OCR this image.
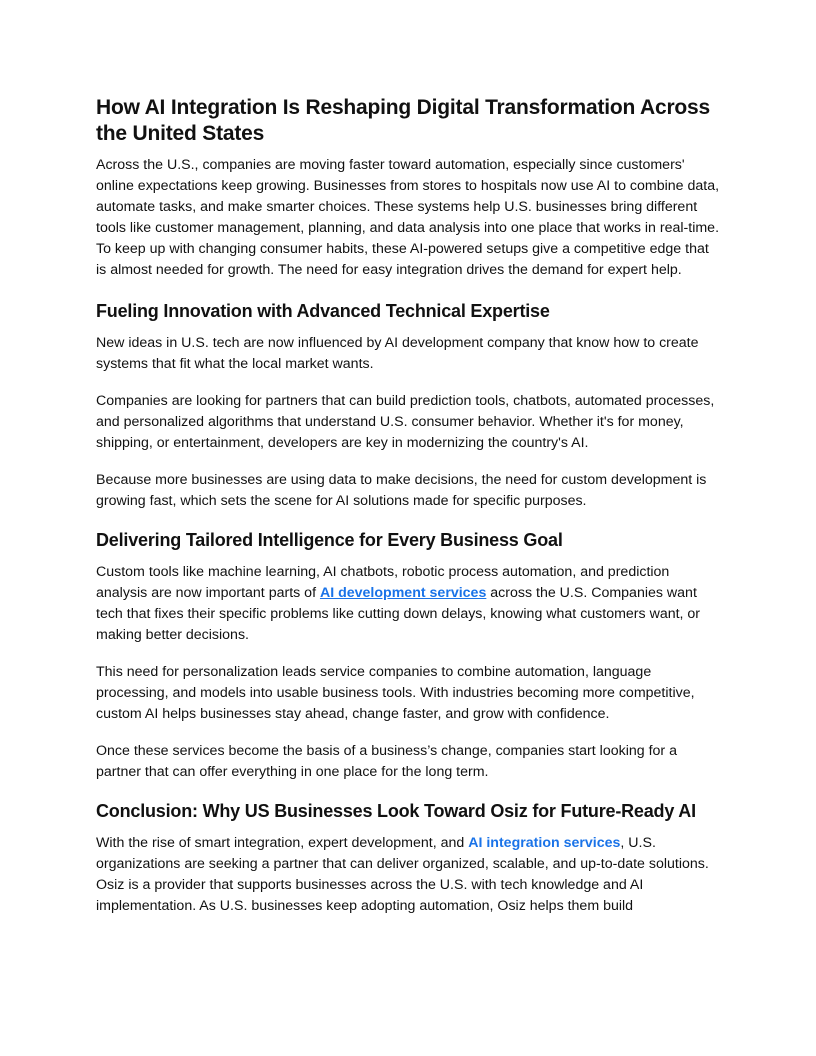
How AI Integration Is Reshaping Digital Transformation Across the United States

Across the U.S., companies are moving faster toward automation, especially since customers' online expectations keep growing. Businesses from stores to hospitals now use AI to combine data, automate tasks, and make smarter choices. These systems help U.S. businesses bring different tools like customer management, planning, and data analysis into one place that works in real-time. To keep up with changing consumer habits, these AI-powered setups give a competitive edge that is almost needed for growth. The need for easy integration drives the demand for expert help.

Fueling Innovation with Advanced Technical Expertise

New ideas in U.S. tech are now influenced by AI development company that know how to create systems that fit what the local market wants.

Companies are looking for partners that can build prediction tools, chatbots, automated processes, and personalized algorithms that understand U.S. consumer behavior. Whether it's for money, shipping, or entertainment, developers are key in modernizing the country's AI.

Because more businesses are using data to make decisions, the need for custom development is growing fast, which sets the scene for AI solutions made for specific purposes.

Delivering Tailored Intelligence for Every Business Goal

Custom tools like machine learning, AI chatbots, robotic process automation, and prediction analysis are now important parts of AI development services across the U.S. Companies want tech that fixes their specific problems like cutting down delays, knowing what customers want, or making better decisions.

This need for personalization leads service companies to combine automation, language processing, and models into usable business tools. With industries becoming more competitive, custom AI helps businesses stay ahead, change faster, and grow with confidence.

Once these services become the basis of a business’s change, companies start looking for a partner that can offer everything in one place for the long term.

Conclusion: Why US Businesses Look Toward Osiz for Future-Ready AI

With the rise of smart integration, expert development, and AI integration services, U.S. organizations are seeking a partner that can deliver organized, scalable, and up-to-date solutions. Osiz is a provider that supports businesses across the U.S. with tech knowledge and AI implementation. As U.S. businesses keep adopting automation, Osiz helps them build
